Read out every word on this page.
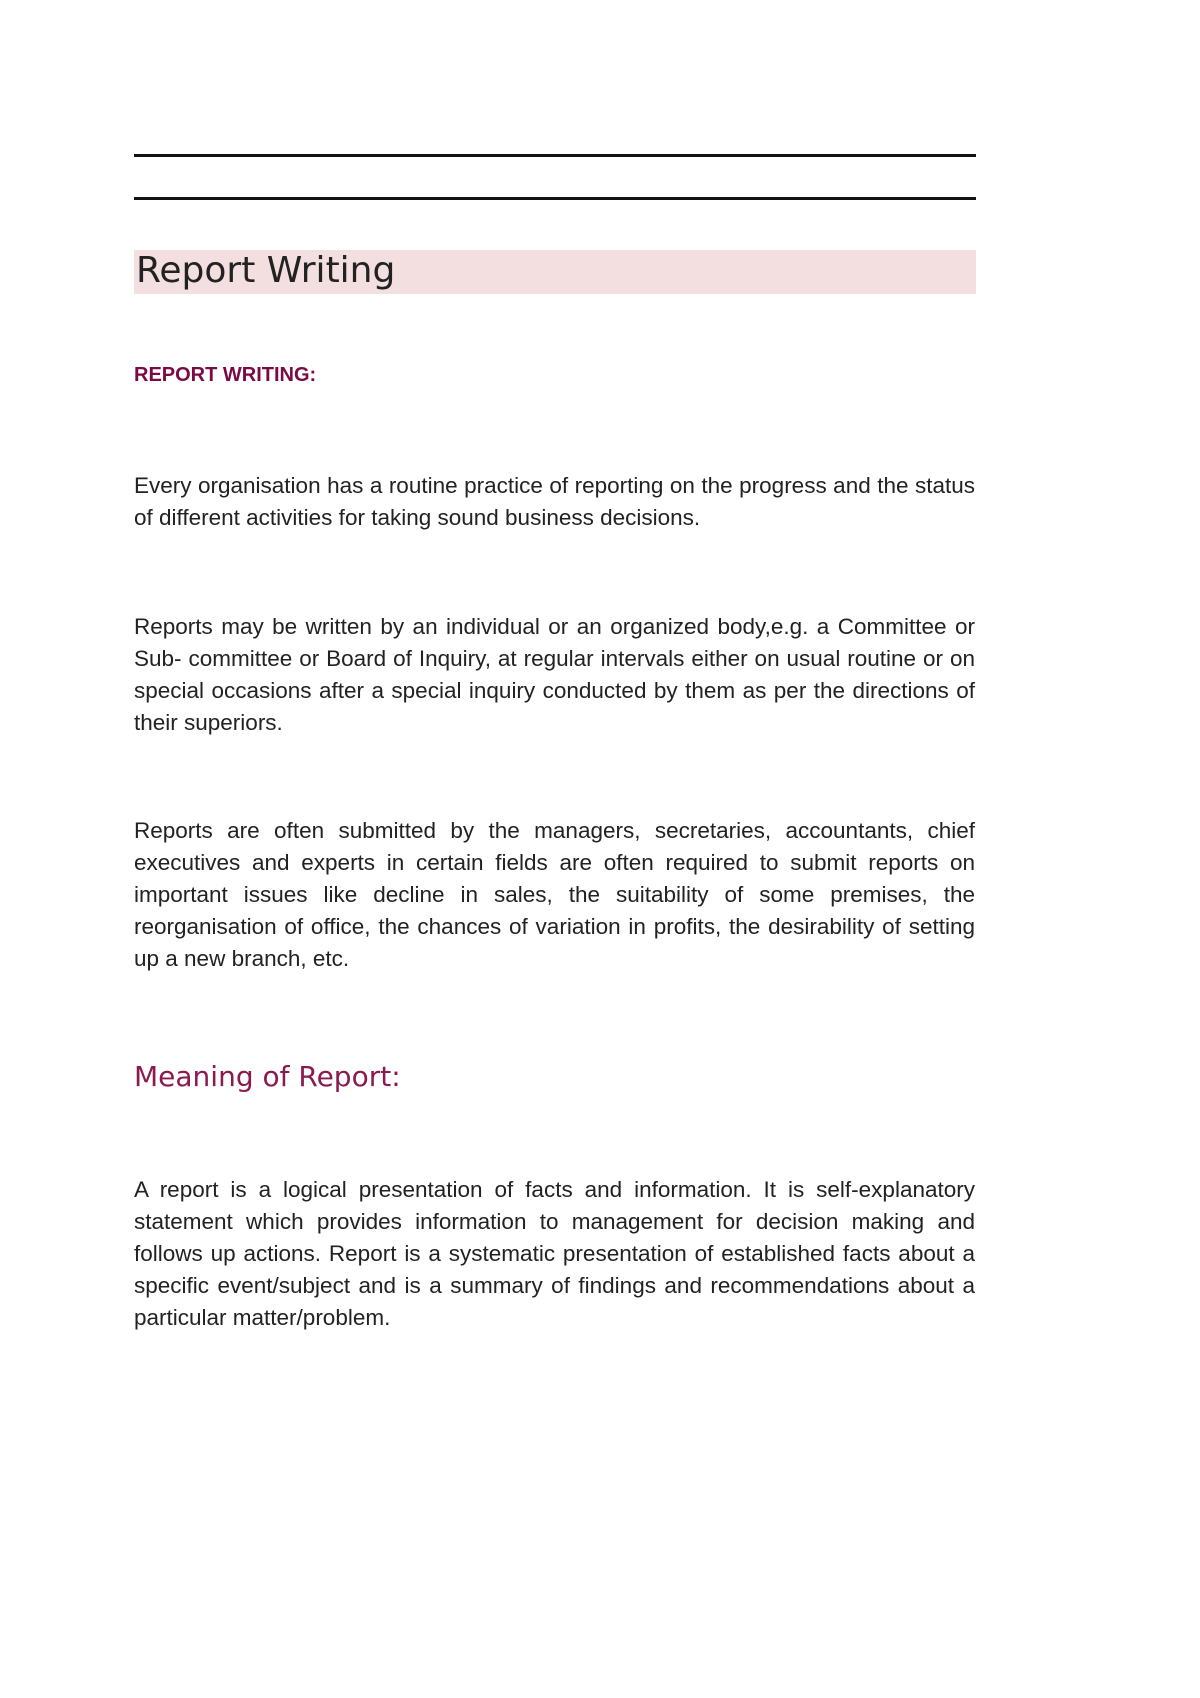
Report Writing
REPORT WRITING:

Every organisation has a routine practice of reporting on the progress and the status of different activities for taking sound business decisions.

Reports may be written by an individual or an organized body,e.g. a Committee or Sub- committee or Board of Inquiry, at regular intervals either on usual routine or on special occasions after a special inquiry conducted by them as per the directions of their superiors.

Reports are often submitted by the managers, secretaries, accountants, chief executives and experts in certain fields are often required to submit reports on important issues like decline in sales, the suitability of some premises, the reorganisation of office, the chances of variation in profits, the desirability of setting up a new branch, etc.

Meaning of Report:

A report is a logical presentation of facts and information. It is self-explanatory statement which provides information to management for decision making and follows up actions. Report is a systematic presentation of established facts about a specific event/subject and is a summary of findings and recommendations about a particular matter/problem.
